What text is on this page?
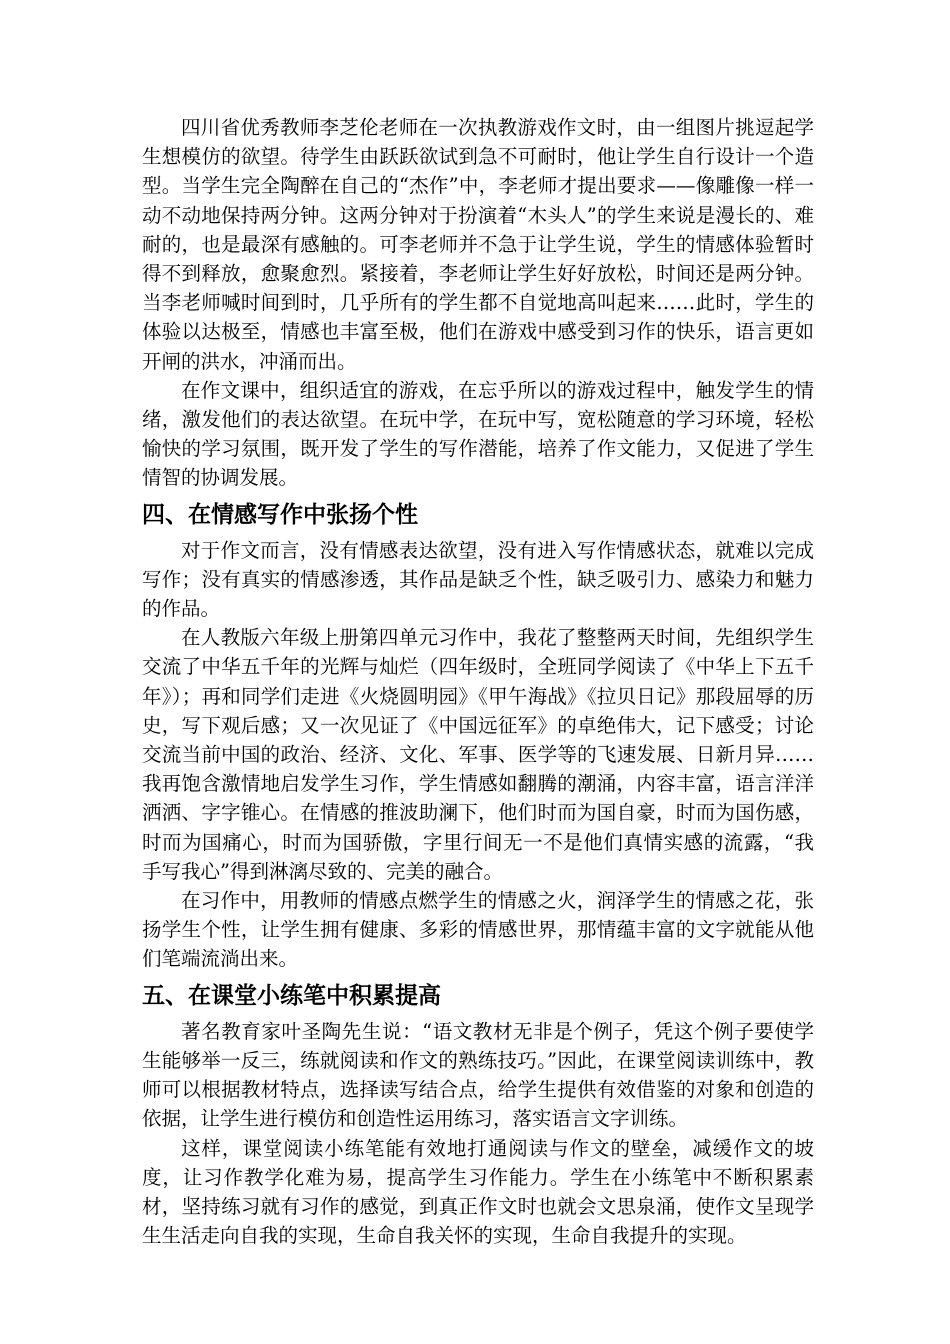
四川省优秀教师李芝伦老师在一次执教游戏作文时，由一组图片挑逗起学生想模仿的欲望。待学生由跃跃欲试到急不可耐时，他让学生自行设计一个造型。当学生完全陶醉在自己的“杰作”中，李老师才提出要求——像雕像一样一动不动地保持两分钟。这两分钟对于扮演着“木头人”的学生来说是漫长的、难耐的，也是最深有感触的。可李老师并不急于让学生说，学生的情感体验暂时得不到释放，愈聚愈烈。紧接着，李老师让学生好好放松，时间还是两分钟。当李老师喊时间到时，几乎所有的学生都不自觉地高叫起来……此时，学生的体验以达极至，情感也丰富至极，他们在游戏中感受到习作的快乐，语言更如开闸的洪水，冲涌而出。

在作文课中，组织适宜的游戏，在忘乎所以的游戏过程中，触发学生的情绪，激发他们的表达欲望。在玩中学，在玩中写，宽松随意的学习环境，轻松愉快的学习氛围，既开发了学生的写作潜能，培养了作文能力，又促进了学生情智的协调发展。

四、在情感写作中张扬个性

对于作文而言，没有情感表达欲望，没有进入写作情感状态，就难以完成写作；没有真实的情感渗透，其作品是缺乏个性，缺乏吸引力、感染力和魅力的作品。

在人教版六年级上册第四单元习作中，我花了整整两天时间，先组织学生交流了中华五千年的光辉与灿烂（四年级时，全班同学阅读了《中华上下五千年》）；再和同学们走进《火烧圆明园》《甲午海战》《拉贝日记》那段屈辱的历史，写下观后感；又一次见证了《中国远征军》的卓绝伟大，记下感受；讨论交流当前中国的政治、经济、文化、军事、医学等的飞速发展、日新月异……我再饱含激情地启发学生习作，学生情感如翻腾的潮涌，内容丰富，语言洋洋洒洒、字字锥心。在情感的推波助澜下，他们时而为国自豪，时而为国伤感，时而为国痛心，时而为国骄傲，字里行间无一不是他们真情实感的流露，“我手写我心”得到淋漓尽致的、完美的融合。

在习作中，用教师的情感点燃学生的情感之火，润泽学生的情感之花，张扬学生个性，让学生拥有健康、多彩的情感世界，那情蕴丰富的文字就能从他们笔端流淌出来。

五、在课堂小练笔中积累提高

著名教育家叶圣陶先生说：“语文教材无非是个例子，凭这个例子要使学生能够举一反三，练就阅读和作文的熟练技巧。”因此，在课堂阅读训练中，教师可以根据教材特点，选择读写结合点，给学生提供有效借鉴的对象和创造的依据，让学生进行模仿和创造性运用练习，落实语言文字训练。

这样，课堂阅读小练笔能有效地打通阅读与作文的壁垒，减缓作文的坡度，让习作教学化难为易，提高学生习作能力。学生在小练笔中不断积累素材，坚持练习就有习作的感觉，到真正作文时也就会文思泉涌，使作文呈现学生生活走向自我的实现，生命自我关怀的实现，生命自我提升的实现。
